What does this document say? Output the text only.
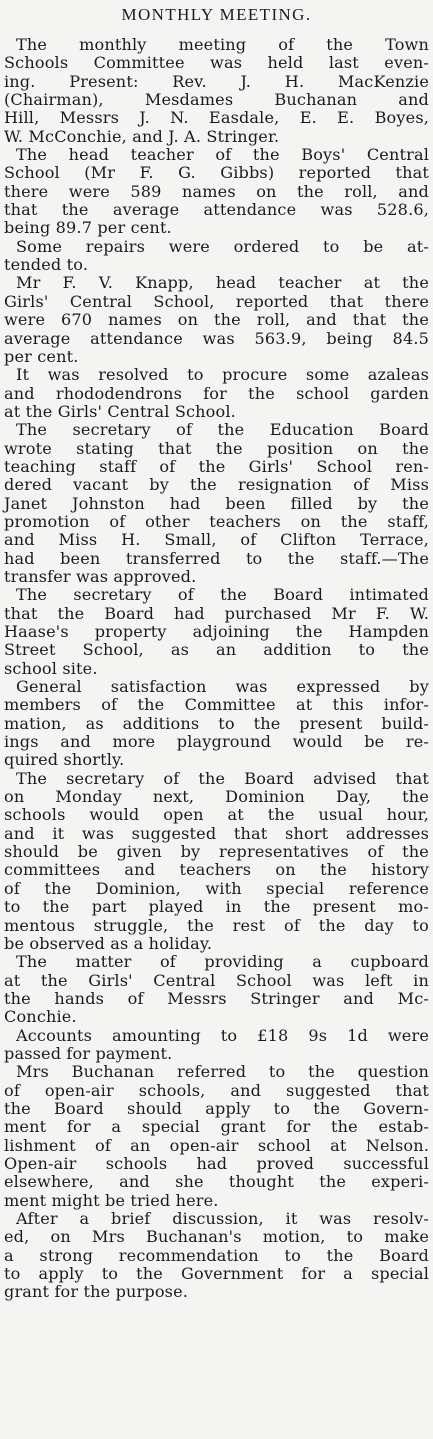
MONTHLY MEETING.
The monthly meeting of the Town
Schools Committee was held last even-
ing. Present: Rev. J. H. MacKenzie
(Chairman), Mesdames Buchanan and
Hill, Messrs J. N. Easdale, E. E. Boyes,
W. McConchie, and J. A. Stringer.
The head teacher of the Boys' Central
School (Mr F. G. Gibbs) reported that
there were 589 names on the roll, and
that the average attendance was 528.6,
being 89.7 per cent.
Some repairs were ordered to be at-
tended to.
Mr F. V. Knapp, head teacher at the
Girls' Central School, reported that there
were 670 names on the roll, and that the
average attendance was 563.9, being 84.5
per cent.
It was resolved to procure some azaleas
and rhododendrons for the school garden
at the Girls' Central School.
The secretary of the Education Board
wrote stating that the position on the
teaching staff of the Girls' School ren-
dered vacant by the resignation of Miss
Janet Johnston had been filled by the
promotion of other teachers on the staff,
and Miss H. Small, of Clifton Terrace,
had been transferred to the staff.—The
transfer was approved.
The secretary of the Board intimated
that the Board had purchased Mr F. W.
Haase's property adjoining the Hampden
Street School, as an addition to the
school site.
General satisfaction was expressed by
members of the Committee at this infor-
mation, as additions to the present build-
ings and more playground would be re-
quired shortly.
The secretary of the Board advised that
on Monday next, Dominion Day, the
schools would open at the usual hour,
and it was suggested that short addresses
should be given by representatives of the
committees and teachers on the history
of the Dominion, with special reference
to the part played in the present mo-
mentous struggle, the rest of the day to
be observed as a holiday.
The matter of providing a cupboard
at the Girls' Central School was left in
the hands of Messrs Stringer and Mc-
Conchie.
Accounts amounting to £18 9s 1d were
passed for payment.
Mrs Buchanan referred to the question
of open-air schools, and suggested that
the Board should apply to the Govern-
ment for a special grant for the estab-
lishment of an open-air school at Nelson.
Open-air schools had proved successful
elsewhere, and she thought the experi-
ment might be tried here.
After a brief discussion, it was resolv-
ed, on Mrs Buchanan's motion, to make
a strong recommendation to the Board
to apply to the Government for a special
grant for the purpose.
